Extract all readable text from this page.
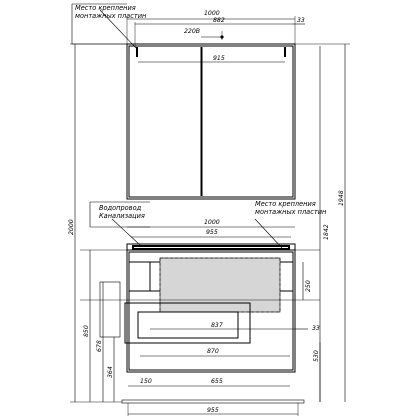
Место крепления
монтажных пластин	1000
882	33
220В
915
Водопровод
Канализация
Место крепления
монтажных пластин
1000
955
837	33
870
150	655
955
2000
850
678
364
1948
1842
530
250
